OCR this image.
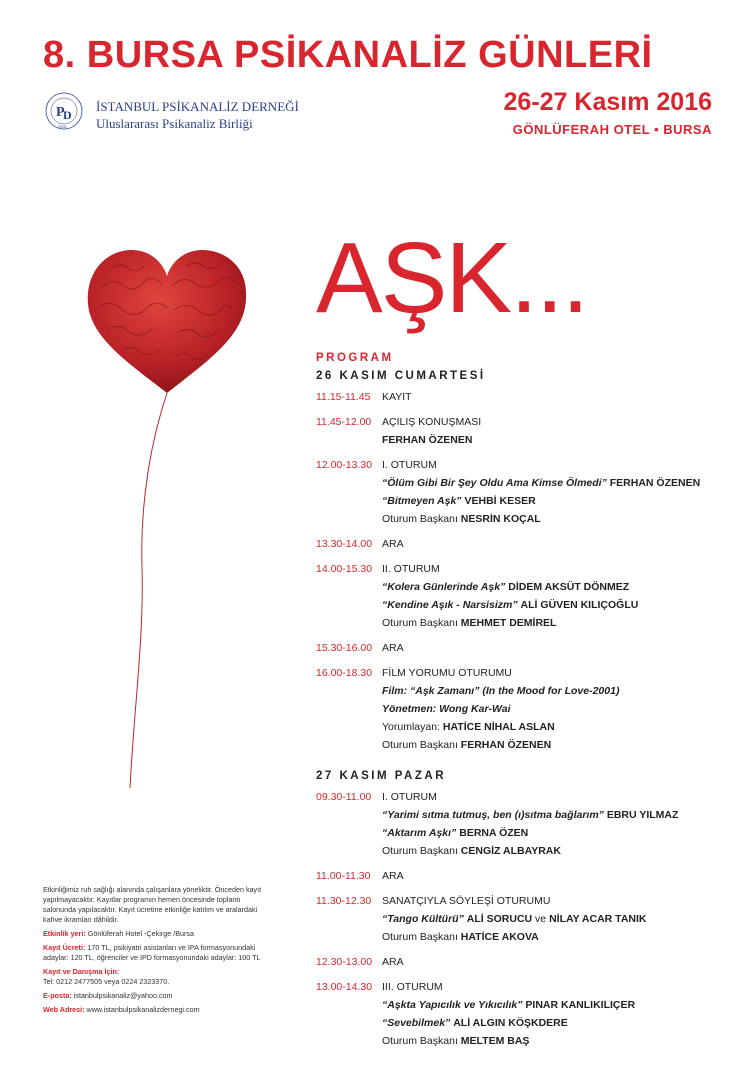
8. BURSA PSİKANALİZ GÜNLERİ
26-27 Kasım 2016
GÖNLÜFERAH OTEL • BURSA
P
D
2001
İSTANBUL PSİKANALİZ DERNEĞİ
Uluslararası Psikanaliz Birliği
AŞK...
PROGRAM
26 KASIM CUMARTESİ
11.15-11.45	KAYIT
11.45-12.00	AÇILIŞ KONUŞMASI
FERHAN ÖZENEN
12.00-13.30 I. OTURUM
“Ölüm Gibi Bir Şey Oldu Ama Kimse Ölmedi” FERHAN ÖZENEN
“Bitmeyen Aşk” VEHBİ KESER
Oturum Başkanı NESRİN KOÇAL
13.30-14.00 ARA
14.00-15.30 II. OTURUM
“Kolera Günlerinde Aşk” DİDEM AKSÜT DÖNMEZ
“Kendine Aşık - Narsisizm” ALİ GÜVEN KILIÇOĞLU
Oturum Başkanı MEHMET DEMİREL
15.30-16.00 ARA
16.00-18.30 FİLM YORUMU OTURUMU
Film: “Aşk Zamanı” (In the Mood for Love-2001)
Yönetmen: Wong Kar-Wai
Yorumlayan: HATİCE NİHAL ASLAN
Oturum Başkanı FERHAN ÖZENEN
27 KASIM PAZAR
09.30-11.00	I. OTURUM
“Yarimi sıtma tutmuş, ben (ı)sıtma bağlarım” EBRU YILMAZ
“Aktarım Aşkı” BERNA ÖZEN
Oturum Başkanı CENGİZ ALBAYRAK
11.00-11.30	ARA
11.30-12.30	SANATÇIYLA SÖYLEŞİ OTURUMU
“Tango Kültürü” ALİ SORUCU ve NİLAY ACAR TANIK
Oturum Başkanı HATİCE AKOVA
12.30-13.00 ARA
13.00-14.30 III. OTURUM
“Aşkta Yapıcılık ve Yıkıcılık” PINAR KANLIKILIÇER
“Sevebilmek” ALİ ALGIN KÖŞKDERE
Oturum Başkanı MELTEM BAŞ

Etkinliğimiz ruh sağlığı alanında çalışanlara yöneliktir. Önceden kayıt yapılmayacaktır. Kayıtlar programın hemen öncesinde toplantı salonunda yapılacaktır. Kayıt ücretine etkinliğe katılım ve aralardaki kahve ikramları dâhildir.

Etkinlik yeri: Gönlüferah Hotel -Çekirge /Bursa

Kayıt Ücreti: 170 TL, psikiyatri asistanları ve IPA formasyonundaki adaylar: 120 TL, öğrenciler ve IPD formasyonundaki adaylar: 100 TL

Kayıt ve Danışma İçin:
Tel: 0212 2477505 veya 0224 2323370.

E-posta: istanbulpsikanaliz@yahoo.com

Web Adresi: www.istanbulpsikanalizdernegi.com
